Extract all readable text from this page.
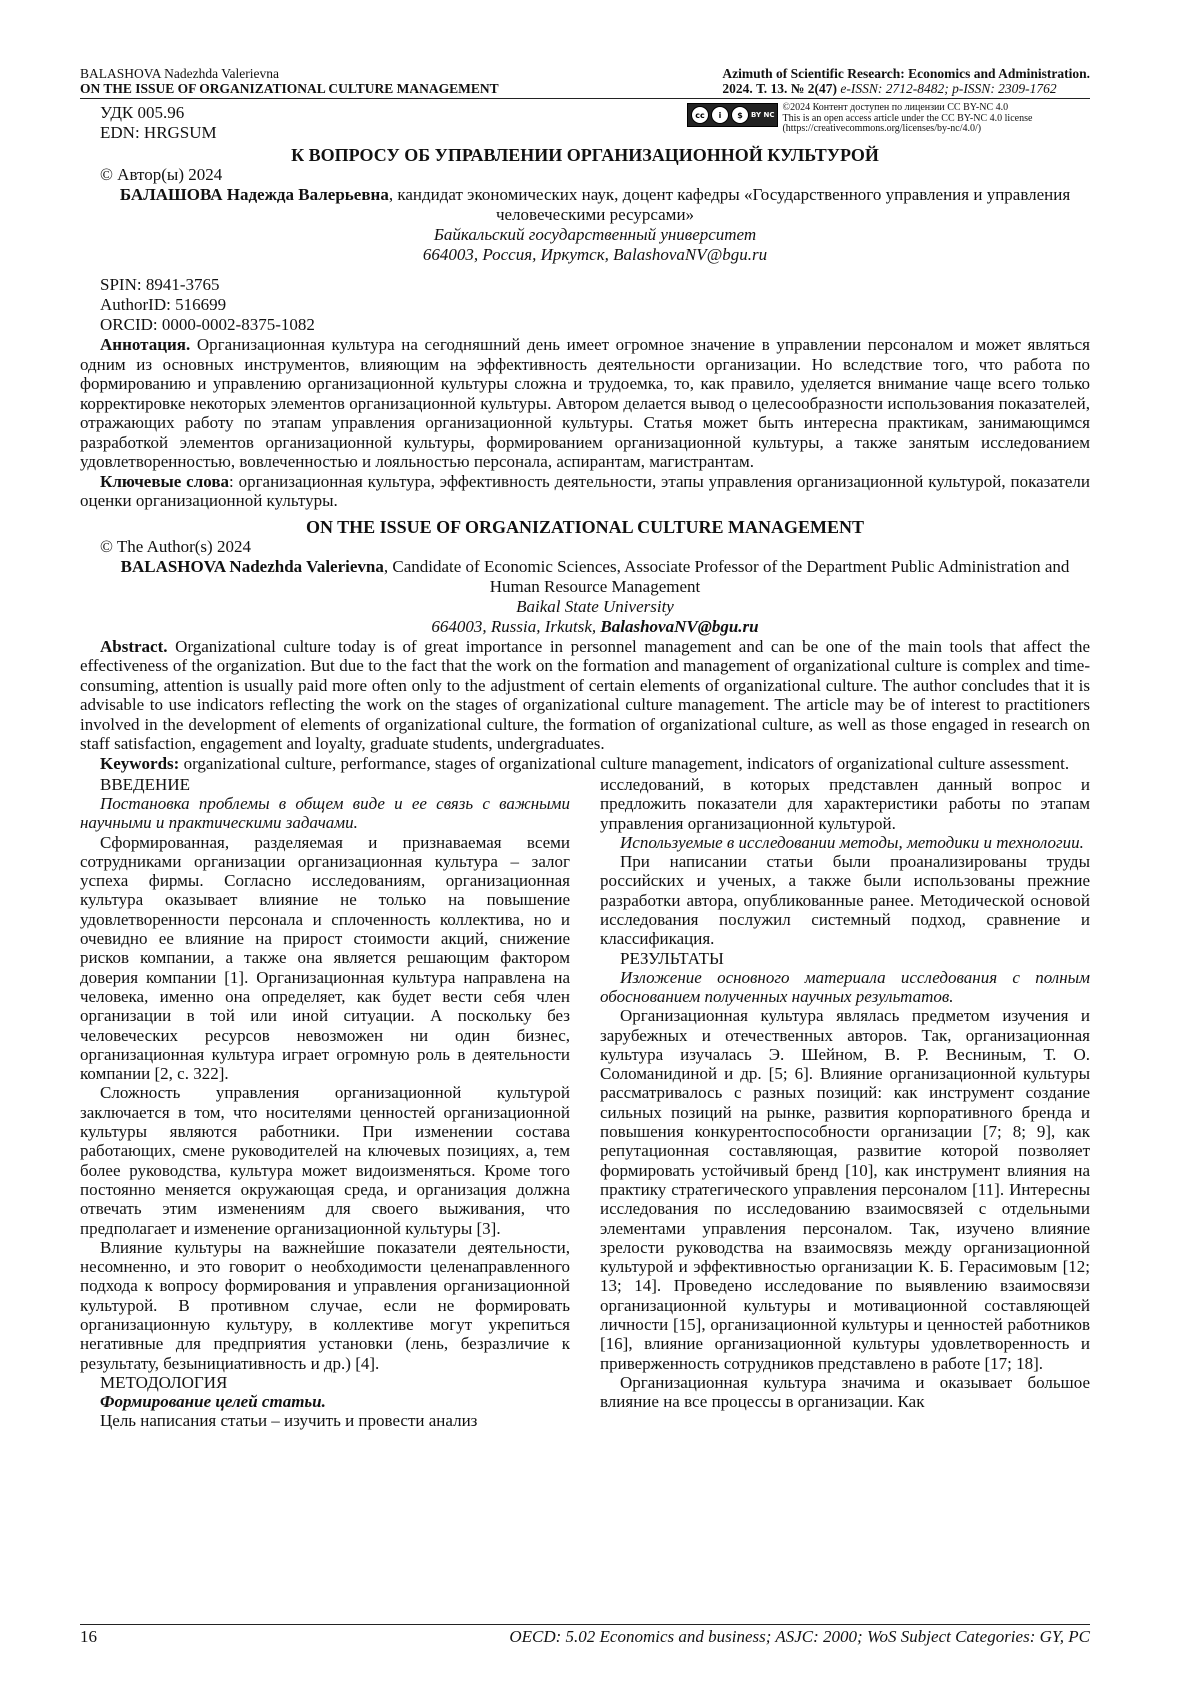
BALASHOVA Nadezhda Valerievna
ON THE ISSUE OF ORGANIZATIONAL CULTURE MANAGEMENT
Azimuth of Scientific Research: Economics and Administration.
2024. Т. 13. № 2(47) e-ISSN: 2712-8482; p-ISSN: 2309-1762
УДК 005.96
EDN: HRGSUM
cc	i	$	BY NC
©2024 Контент доступен по лицензии CC BY-NC 4.0
This is an open access article under the CC BY-NC 4.0 license
(https://creativecommons.org/licenses/by-nc/4.0/)
К ВОПРОСУ ОБ УПРАВЛЕНИИ ОРГАНИЗАЦИОННОЙ КУЛЬТУРОЙ
© Автор(ы) 2024
БАЛАШОВА Надежда Валерьевна, кандидат экономических наук, доцент кафедры «Государственного управления и управления человеческими ресурсами»
Байкальский государственный университет
664003, Россия, Иркутск, BalashovaNV@bgu.ru
SPIN: 8941-3765
AuthorID: 516699
ORCID: 0000-0002-8375-1082
Аннотация. Организационная культура на сегодняшний день имеет огромное значение в управлении персоналом и может являться одним из основных инструментов, влияющим на эффективность деятельности организации. Но вследствие того, что работа по формированию и управлению организационной культуры сложна и трудоемка, то, как правило, уделяется внимание чаще всего только корректировке некоторых элементов организационной культуры. Автором делается вывод о целесообразности использования показателей, отражающих работу по этапам управления организационной культуры. Статья может быть интересна практикам, занимающимся разработкой элементов организационной культуры, формированием организационной культуры, а также занятым исследованием удовлетворенностью, вовлеченностью и лояльностью персонала, аспирантам, магистрантам.
Ключевые слова: организационная культура, эффективность деятельности, этапы управления организационной культурой, показатели оценки организационной культуры.
ON THE ISSUE OF ORGANIZATIONAL CULTURE MANAGEMENT
© The Author(s) 2024
BALASHOVA Nadezhda Valerievna, Candidate of Economic Sciences, Associate Professor of the Department Public Administration and Human Resource Management
Baikal State University
664003, Russia, Irkutsk, BalashovaNV@bgu.ru
Abstract. Organizational culture today is of great importance in personnel management and can be one of the main tools that affect the effectiveness of the organization. But due to the fact that the work on the formation and management of organizational culture is complex and time-consuming, attention is usually paid more often only to the adjustment of certain elements of organizational culture. The author concludes that it is advisable to use indicators reflecting the work on the stages of organizational culture management. The article may be of interest to practitioners involved in the development of elements of organizational culture, the formation of organizational culture, as well as those engaged in research on staff satisfaction, engagement and loyalty, graduate students, undergraduates.
Keywords: organizational culture, performance, stages of organizational culture management, indicators of organizational culture assessment.
ВВЕДЕНИЕ
Постановка проблемы в общем виде и ее связь с важными научными и практическими задачами.
Сформированная, разделяемая и признаваемая всеми сотрудниками организации организационная культура – залог успеха фирмы. Согласно исследованиям, организационная культура оказывает влияние не только на повышение удовлетворенности персонала и сплоченность коллектива, но и очевидно ее влияние на прирост стоимости акций, снижение рисков компании, а также она является решающим фактором доверия компании [1]. Организационная культура направлена на человека, именно она определяет, как будет вести себя член организации в той или иной ситуации. А поскольку без человеческих ресурсов невозможен ни один бизнес, организационная культура играет огромную роль в деятельности компании [2, с. 322].
Сложность управления организационной культурой заключается в том, что носителями ценностей организационной культуры являются работники. При изменении состава работающих, смене руководителей на ключевых позициях, а, тем более руководства, культура может видоизменяться. Кроме того постоянно меняется окружающая среда, и организация должна отвечать этим изменениям для своего выживания, что предполагает и изменение организационной культуры [3].
Влияние культуры на важнейшие показатели деятельности, несомненно, и это говорит о необходимости целенаправленного подхода к вопросу формирования и управления организационной культурой. В противном случае, если не формировать организационную культуру, в коллективе могут укрепиться негативные для предприятия установки (лень, безразличие к результату, безынициативность и др.) [4].
МЕТОДОЛОГИЯ
Формирование целей статьи.
Цель написания статьи – изучить и провести анализ
исследований, в которых представлен данный вопрос и предложить показатели для характеристики работы по этапам управления организационной культурой.
Используемые в исследовании методы, методики и технологии.
При написании статьи были проанализированы труды российских и ученых, а также были использованы прежние разработки автора, опубликованные ранее. Методической основой исследования послужил системный подход, сравнение и классификация.
РЕЗУЛЬТАТЫ
Изложение основного материала исследования с полным обоснованием полученных научных результатов.
Организационная культура являлась предметом изучения и зарубежных и отечественных авторов. Так, организационная культура изучалась Э. Шейном, В. Р. Весниным, Т. О. Соломанидиной и др. [5; 6]. Влияние организационной культуры рассматривалось с разных позиций: как инструмент создание сильных позиций на рынке, развития корпоративного бренда и повышения конкурентоспособности организации [7; 8; 9], как репутационная составляющая, развитие которой позволяет формировать устойчивый бренд [10], как инструмент влияния на практику стратегического управления персоналом [11]. Интересны исследования по исследованию взаимосвязей с отдельными элементами управления персоналом. Так, изучено влияние зрелости руководства на взаимосвязь между организационной культурой и эффективностью организации К. Б. Герасимовым [12; 13; 14]. Проведено исследование по выявлению взаимосвязи организационной культуры и мотивационной составляющей личности [15], организационной культуры и ценностей работников [16], влияние организационной культуры удовлетворенность и приверженность сотрудников представлено в работе [17; 18].
Организационная культура значима и оказывает большое влияние на все процессы в организации. Как
16	OECD: 5.02 Economics and business; ASJC: 2000; WoS Subject Categories: GY, PC
